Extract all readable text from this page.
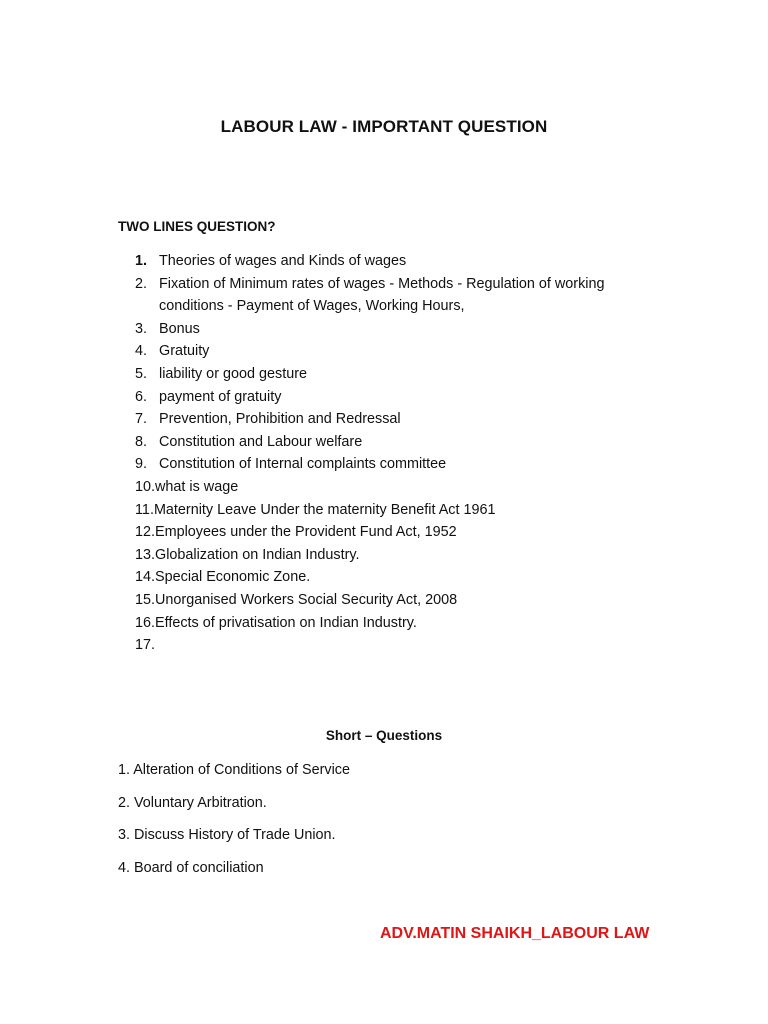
LABOUR LAW - IMPORTANT QUESTION
TWO LINES QUESTION?
1. Theories of wages and Kinds of wages
2. Fixation of Minimum rates of wages - Methods - Regulation of working
conditions - Payment of Wages, Working Hours,
3. Bonus
4. Gratuity
5. liability or good gesture
6. payment of gratuity
7. Prevention, Prohibition and Redressal
8. Constitution and Labour welfare
9. Constitution of Internal complaints committee
10. what is wage
11. Maternity Leave Under the maternity Benefit Act 1961
12. Employees under the Provident Fund Act, 1952
13. Globalization on Indian Industry.
14. Special Economic Zone.
15. Unorganised Workers Social Security Act, 2008
16. Effects of privatisation on Indian Industry.
17.
Short – Questions
1. Alteration of Conditions of Service
2. Voluntary Arbitration.
3. Discuss History of Trade Union.
4. Board of conciliation
ADV.MATIN SHAIKH_LABOUR LAW
